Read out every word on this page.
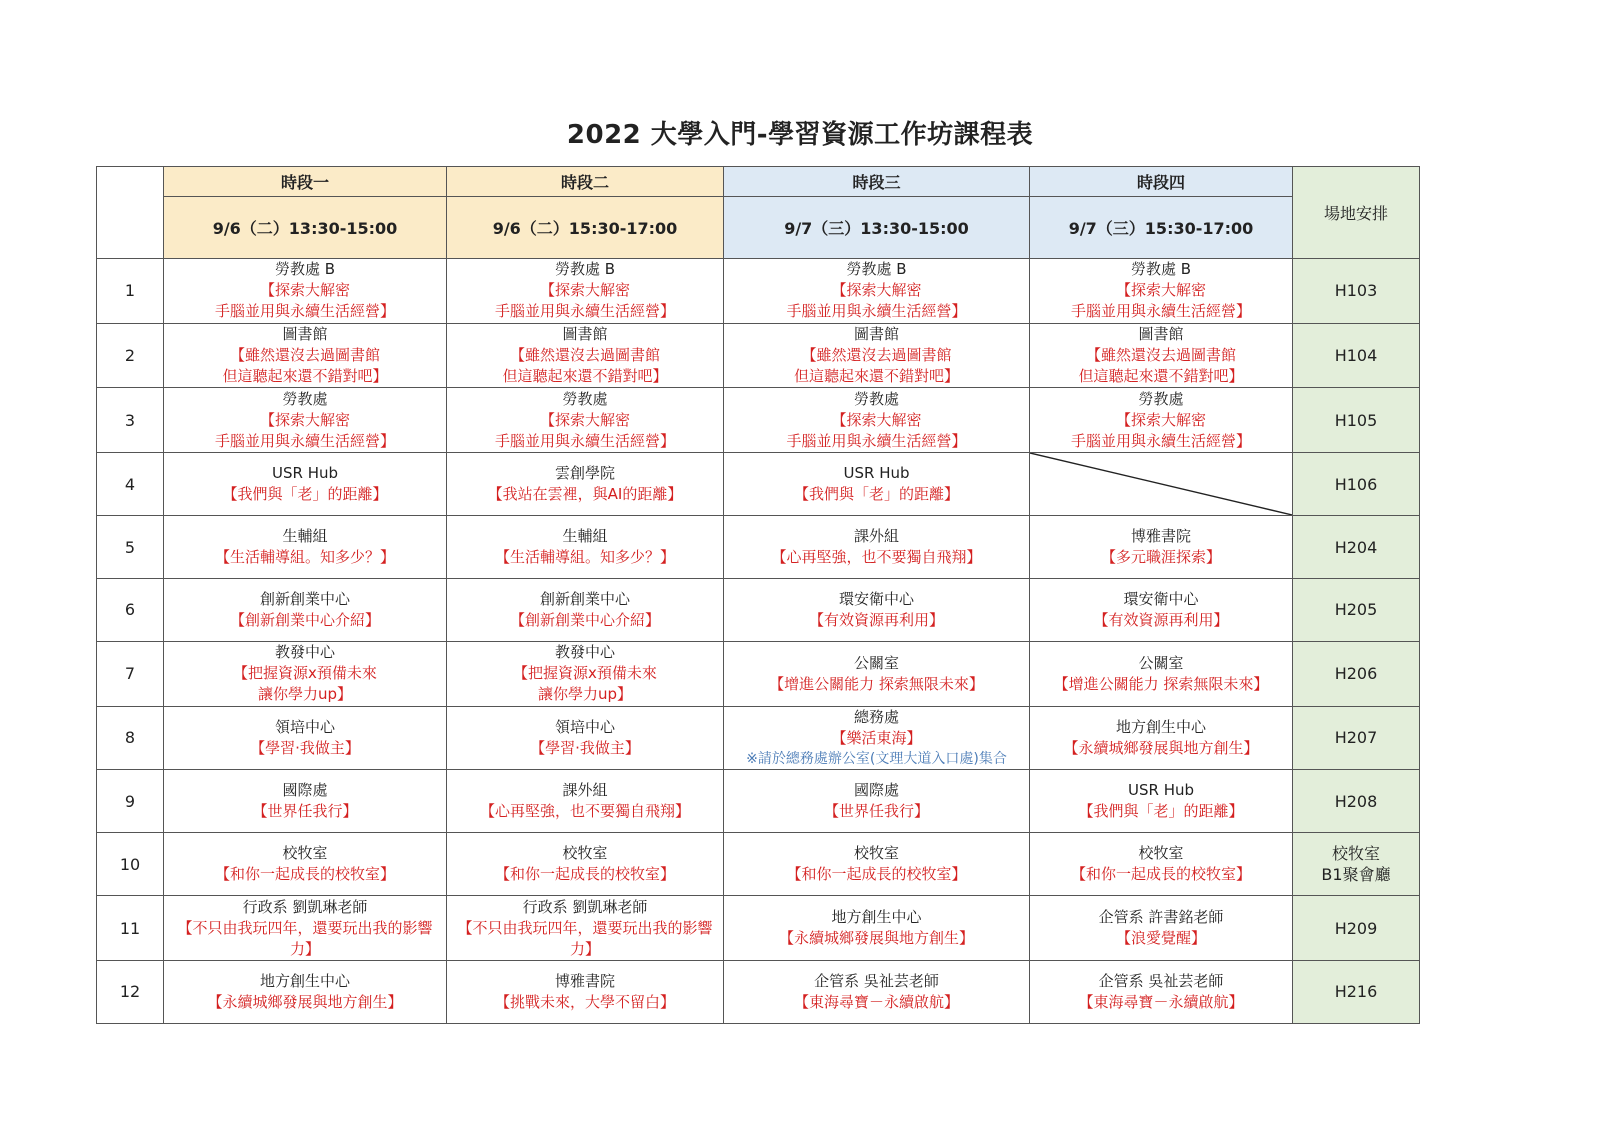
2022 大學入門-學習資源工作坊課程表
	時段一	時段二	時段三	時段四	場地安排
	9/6（二）13:30-15:00	9/6（二）15:30-17:00	9/7（三）13:30-15:00	9/7（三）15:30-17:00	
1	勞教處 B
【探索大解密
手腦並用與永續生活經營】	勞教處 B
【探索大解密
手腦並用與永續生活經營】	勞教處 B
【探索大解密
手腦並用與永續生活經營】	勞教處 B
【探索大解密
手腦並用與永續生活經營】	H103

2	圖書館
【雖然還沒去過圖書館
但這聽起來還不錯對吧】	圖書館
【雖然還沒去過圖書館
但這聽起來還不錯對吧】	圖書館
【雖然還沒去過圖書館
但這聽起來還不錯對吧】	圖書館
【雖然還沒去過圖書館
但這聽起來還不錯對吧】	H104

3	勞教處
【探索大解密
手腦並用與永續生活經營】	勞教處
【探索大解密
手腦並用與永續生活經營】	勞教處
【探索大解密
手腦並用與永續生活經營】	勞教處
【探索大解密
手腦並用與永續生活經營】	H105

4	USR Hub
【我們與「老」的距離】	雲創學院
【我站在雲裡，與AI的距離】	USR Hub
【我們與「老」的距離】		H106

5	生輔組
【生活輔導組。知多少？】	生輔組
【生活輔導組。知多少？】	課外組
【心再堅強，也不要獨自飛翔】	博雅書院
【多元職涯探索】	H204

6	創新創業中心
【創新創業中心介紹】	創新創業中心
【創新創業中心介紹】	環安衛中心
【有效資源再利用】	環安衛中心
【有效資源再利用】	H205

7	教發中心
【把握資源x預備未來
讓你學力up】	教發中心
【把握資源x預備未來
讓你學力up】	公關室
【增進公關能力 探索無限未來】	公關室
【增進公關能力 探索無限未來】	H206

8	領培中心
【學習‧我做主】	領培中心
【學習‧我做主】	總務處
【樂活東海】
※請於總務處辦公室(文理大道入口處)集合	地方創生中心
【永續城鄉發展與地方創生】	H207

9	國際處
【世界任我行】	課外組
【心再堅強，也不要獨自飛翔】	國際處
【世界任我行】	USR Hub
【我們與「老」的距離】	H208

10	校牧室
【和你一起成長的校牧室】	校牧室
【和你一起成長的校牧室】	校牧室
【和你一起成長的校牧室】	校牧室
【和你一起成長的校牧室】	校牧室
B1聚會廳

11	行政系 劉凱琳老師
【不只由我玩四年，還要玩出我的影響
力】	行政系 劉凱琳老師
【不只由我玩四年，還要玩出我的影響
力】	地方創生中心
【永續城鄉發展與地方創生】	企管系 許書銘老師
【浪愛覺醒】	H209

12	地方創生中心
【永續城鄉發展與地方創生】	博雅書院
【挑戰未來，大學不留白】	企管系 吳祉芸老師
【東海尋寶－永續啟航】	企管系 吳祉芸老師
【東海尋寶－永續啟航】	H216
